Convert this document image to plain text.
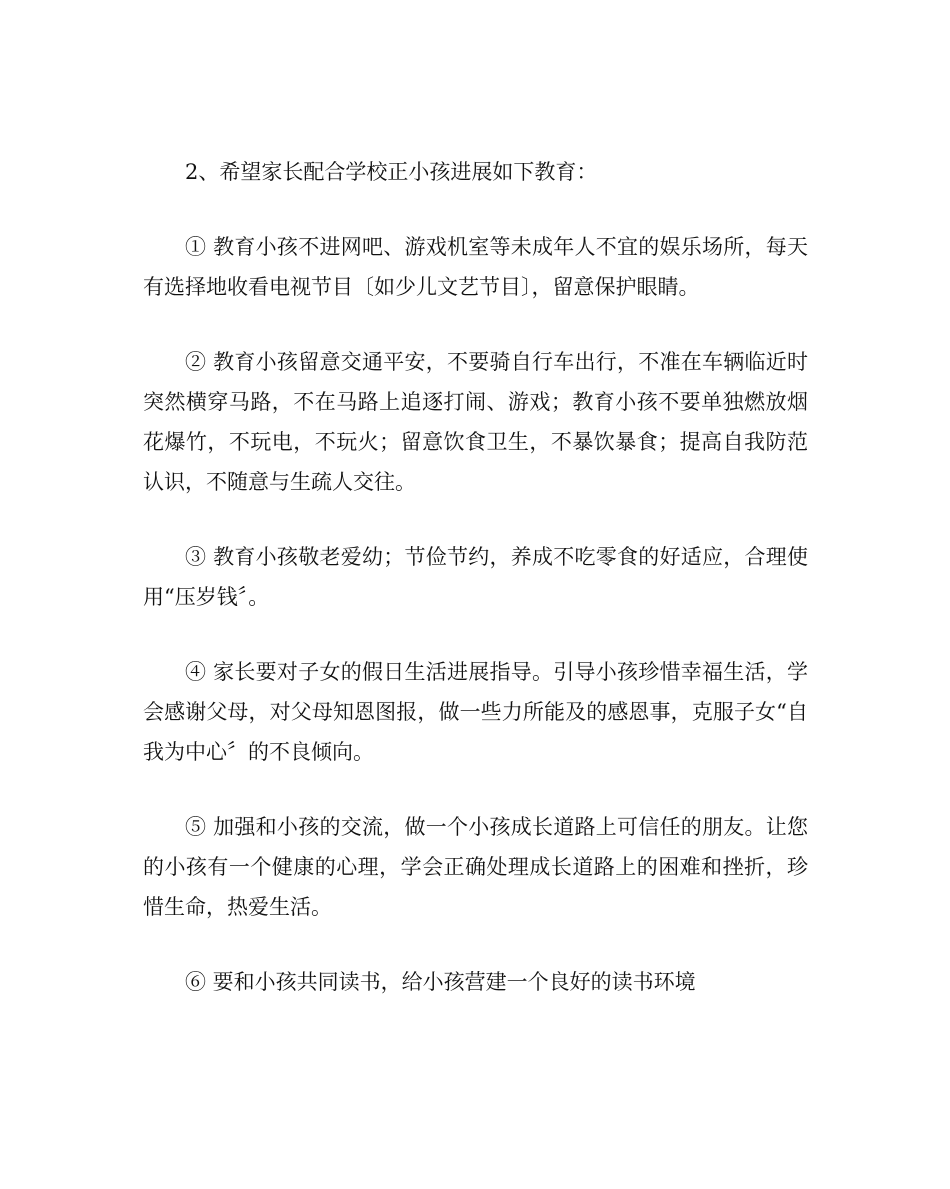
2、希望家长配合学校正小孩进展如下教育：

① 教育小孩不进网吧、游戏机室等未成年人不宜的娱乐场所，每天有选择地收看电视节目〔如少儿文艺节目〕，留意保护眼睛。

② 教育小孩留意交通平安，不要骑自行车出行，不准在车辆临近时突然横穿马路，不在马路上追逐打闹、游戏；教育小孩不要单独燃放烟花爆竹，不玩电，不玩火；留意饮食卫生，不暴饮暴食；提高自我防范认识，不随意与生疏人交往。

③ 教育小孩敬老爱幼；节俭节约，养成不吃零食的好适应，合理使用“压岁钱〞。

④ 家长要对子女的假日生活进展指导。引导小孩珍惜幸福生活，学会感谢父母，对父母知恩图报，做一些力所能及的感恩事，克服子女“自我为中心〞的不良倾向。

⑤ 加强和小孩的交流，做一个小孩成长道路上可信任的朋友。让您的小孩有一个健康的心理，学会正确处理成长道路上的困难和挫折，珍惜生命，热爱生活。

⑥ 要和小孩共同读书，给小孩营建一个良好的读书环境
